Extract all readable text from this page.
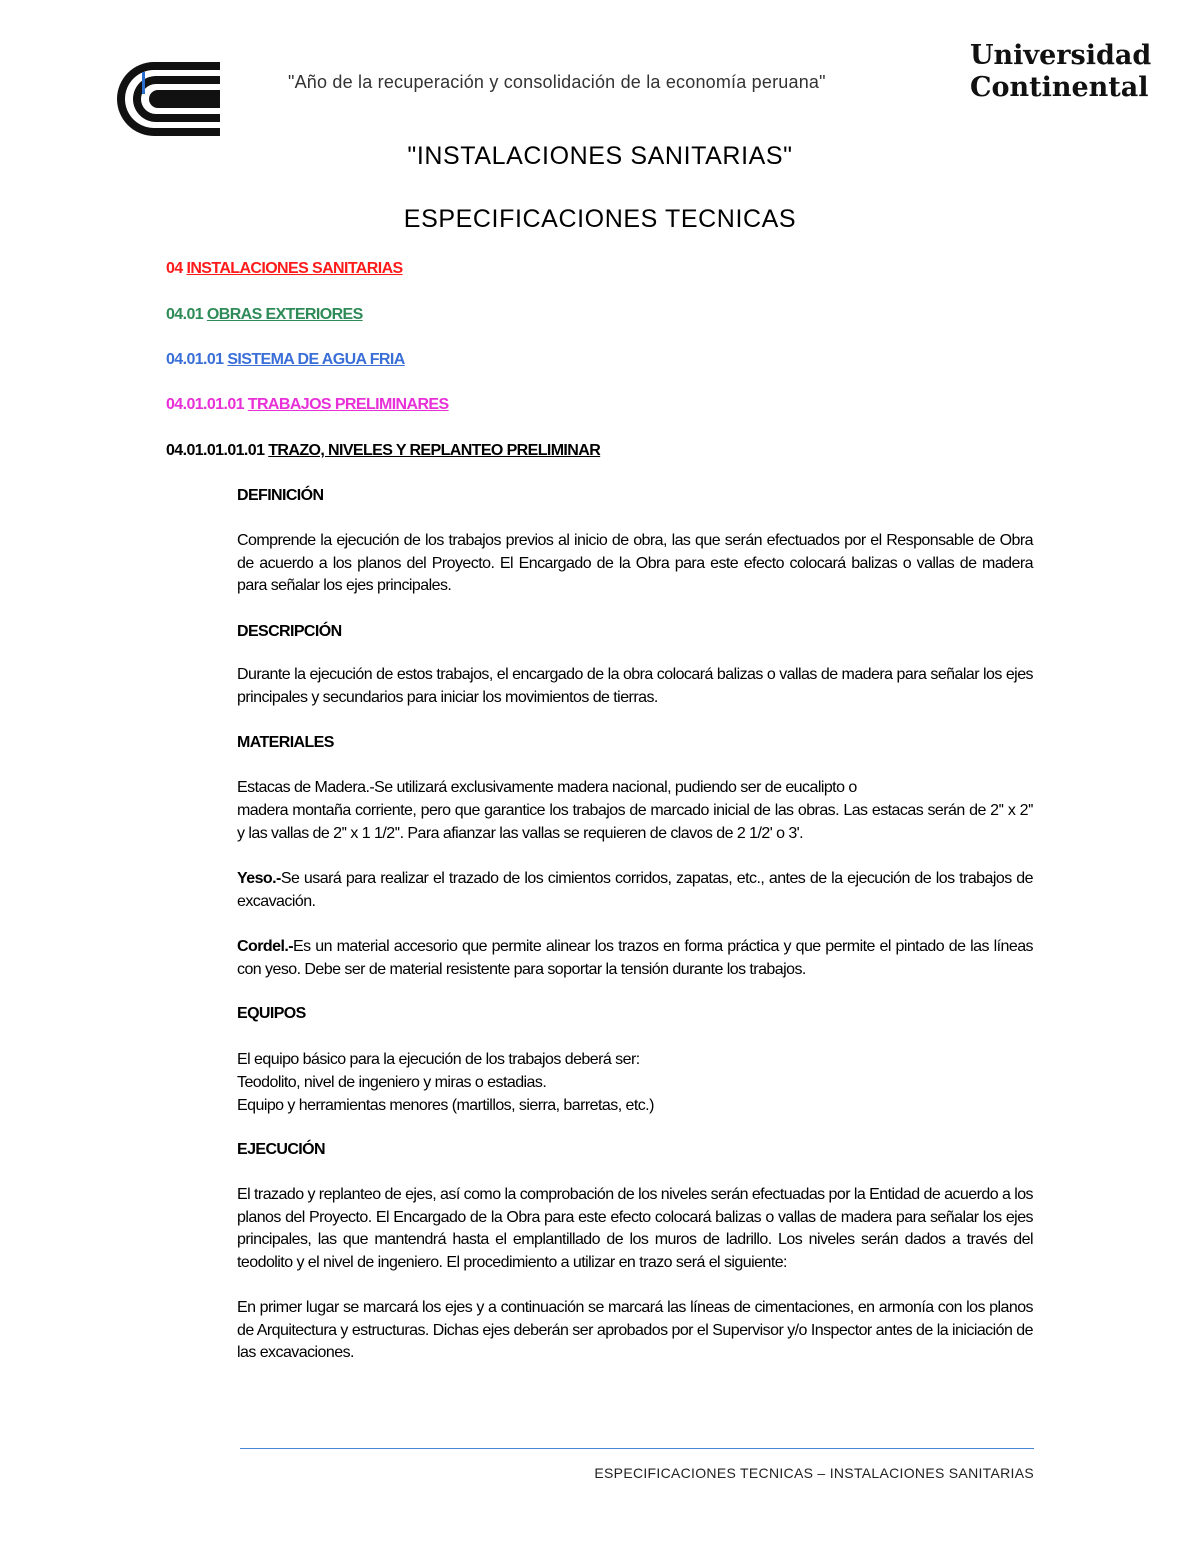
"Año de la recuperación y consolidación de la economía peruana"
Universidad
Continental
"INSTALACIONES SANITARIAS"
ESPECIFICACIONES TECNICAS
04 INSTALACIONES SANITARIAS
04.01 OBRAS EXTERIORES
04.01.01 SISTEMA DE AGUA FRIA
04.01.01.01 TRABAJOS PRELIMINARES
04.01.01.01.01 TRAZO, NIVELES Y REPLANTEO PRELIMINAR
DEFINICIÓN
Comprende la ejecución de los trabajos previos al inicio de obra, las que serán efectuados por el Responsable de Obra de acuerdo a los planos del Proyecto. El Encargado de la Obra para este efecto colocará balizas o vallas de madera para señalar los ejes principales.
DESCRIPCIÓN
Durante la ejecución de estos trabajos, el encargado de la obra colocará balizas o vallas de madera para señalar los ejes principales y secundarios para iniciar los movimientos de tierras.
MATERIALES
Estacas de Madera.-Se utilizará exclusivamente madera nacional, pudiendo ser de eucalipto o
madera montaña corriente, pero que garantice los trabajos de marcado inicial de las obras. Las estacas serán de 2'' x 2'' y las vallas de 2'' x 1 1/2''. Para afianzar las vallas se requieren de clavos de 2 1/2' o 3'.
Yeso.-Se usará para realizar el trazado de los cimientos corridos, zapatas, etc., antes de la ejecución de los trabajos de excavación.
Cordel.-Es un material accesorio que permite alinear los trazos en forma práctica y que permite el pintado de las líneas con yeso. Debe ser de material resistente para soportar la tensión durante los trabajos.
EQUIPOS
El equipo básico para la ejecución de los trabajos deberá ser:
Teodolito, nivel de ingeniero y miras o estadias.
Equipo y herramientas menores (martillos, sierra, barretas, etc.)
EJECUCIÓN
El trazado y replanteo de ejes, así como la comprobación de los niveles serán efectuadas por la Entidad de acuerdo a los planos del Proyecto. El Encargado de la Obra para este efecto colocará balizas o vallas de madera para señalar los ejes principales, las que mantendrá hasta el emplantillado de los muros de ladrillo. Los niveles serán dados a través del teodolito y el nivel de ingeniero. El procedimiento a utilizar en trazo será el siguiente:
En primer lugar se marcará los ejes y a continuación se marcará las líneas de cimentaciones, en armonía con los planos de Arquitectura y estructuras. Dichas ejes deberán ser aprobados por el Supervisor y/o Inspector antes de la iniciación de las excavaciones.
ESPECIFICACIONES TECNICAS – INSTALACIONES SANITARIAS
